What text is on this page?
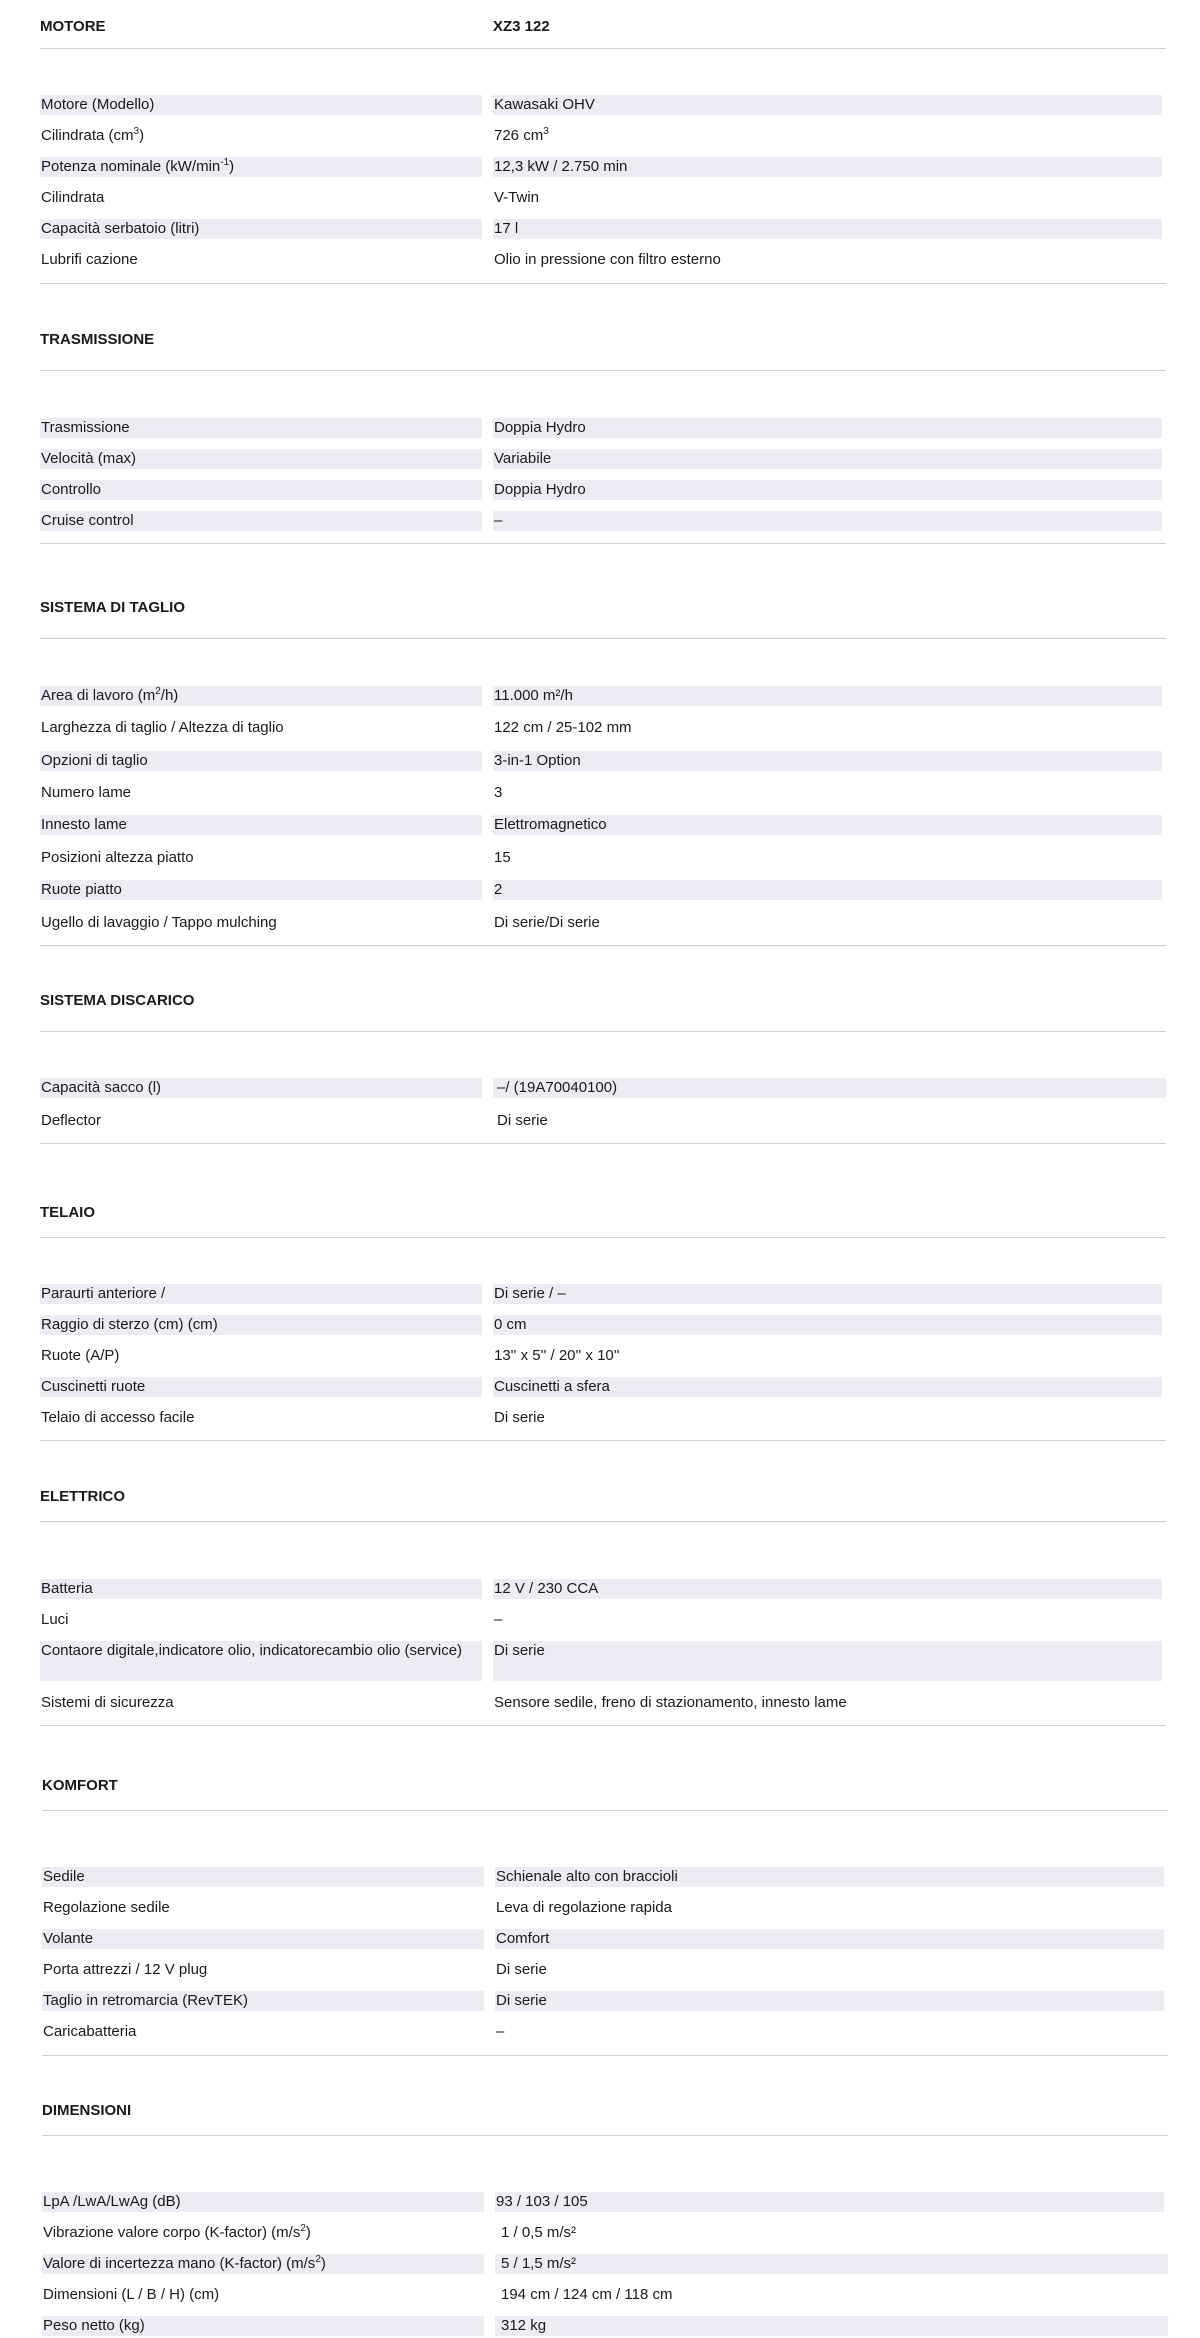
MOTORE	XZ3 122
Motore (Modello)	Kawasaki OHV
Cilindrata $(cm^3)$	726 $cm^3$
Potenza nominale $(kW/\min^{-1})$	12,3 kW / 2.750 min
Cilindrata	V-Twin
Capacità serbatoio (litri)	17 l
Lubrifi cazione	Olio in pressione con filtro esterno
TRASMISSIONE
Trasmissione	Doppia Hydro
Velocità (max)	Variabile
Controllo	Doppia Hydro
Cruise control	–
SISTEMA DI TAGLIO
Area di lavoro $(m^2/h)$	11.000 m²/h
Larghezza di taglio / Altezza di taglio	122 cm / 25-102 mm
Opzioni di taglio	3-in-1 Option
Numero lame	3
Innesto lame	Elettromagnetico
Posizioni altezza piatto	15
Ruote piatto	2
Ugello di lavaggio / Tappo mulching	Di serie/Di serie
SISTEMA DISCARICO
Capacità sacco (l)	–/ (19A70040100)
Deflector	Di serie
TELAIO
Paraurti anteriore /	Di serie / –
Raggio di sterzo (cm) (cm)	0 cm
Ruote (A/P)	13'' x 5'' / 20'' x 10''
Cuscinetti ruote	Cuscinetti a sfera
Telaio di accesso facile	Di serie
ELETTRICO
Batteria	12 V / 230 CCA
Luci	–
Contaore digitale,indicatore olio, indicatorecambio olio (service)	Di serie
Sistemi di sicurezza	Sensore sedile, freno di stazionamento, innesto lame
KOMFORT
Sedile	Schienale alto con braccioli
Regolazione sedile	Leva di regolazione rapida
Volante	Comfort
Porta attrezzi / 12 V plug	Di serie
Taglio in retromarcia (RevTEK)	Di serie
Caricabatteria	–
DIMENSIONI
LpA /LwA/LwAg (dB)	93 / 103 / 105
Vibrazione valore corpo (K-factor) $(m/s^2)$	1 / 0,5 m/s²
Valore di incertezza mano (K-factor) $(m/s^2)$	5 / 1,5 m/s²
Dimensioni (L / B / H) (cm)	194 cm / 124 cm / 118 cm
Peso netto (kg)	312 kg
